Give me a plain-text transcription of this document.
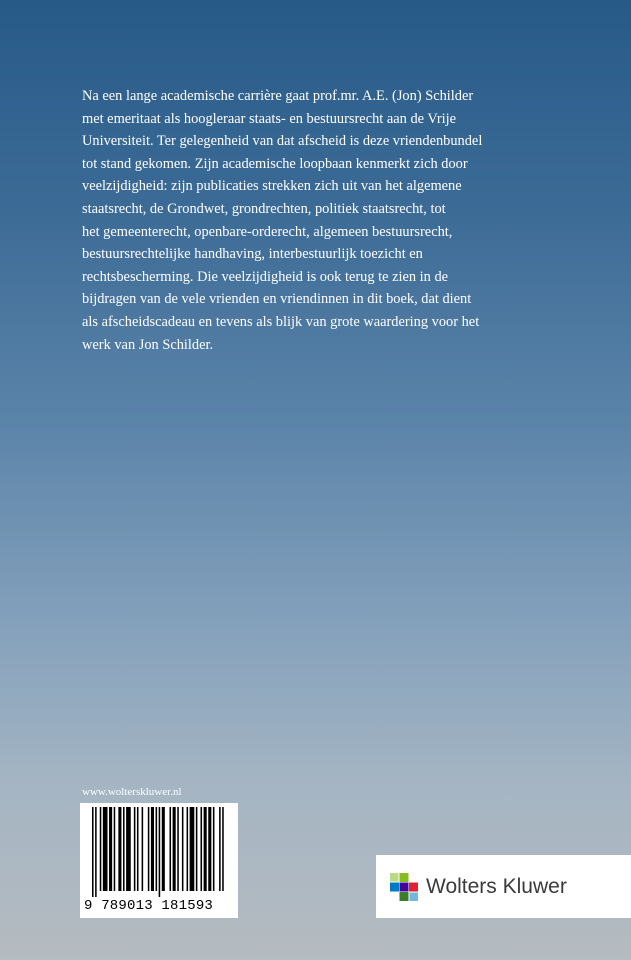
Na een lange academische carrière gaat prof.mr. A.E. (Jon) Schilder
met emeritaat als hoogleraar staats- en bestuursrecht aan de Vrije
Universiteit. Ter gelegenheid van dat afscheid is deze vriendenbundel
tot stand gekomen. Zijn academische loopbaan kenmerkt zich door
veelzijdigheid: zijn publicaties strekken zich uit van het algemene
staatsrecht, de Grondwet, grondrechten, politiek staatsrecht, tot
het gemeenterecht, openbare-orderecht, algemeen bestuursrecht,
bestuursrechtelijke handhaving, interbestuurlijk toezicht en
rechtsbescherming. Die veelzijdigheid is ook terug te zien in de
bijdragen van de vele vrienden en vriendinnen in dit boek, dat dient
als afscheidscadeau en tevens als blijk van grote waardering voor het
werk van Jon Schilder.

www.wolterskluwer.nl
9 789013 181593
Wolters Kluwer
